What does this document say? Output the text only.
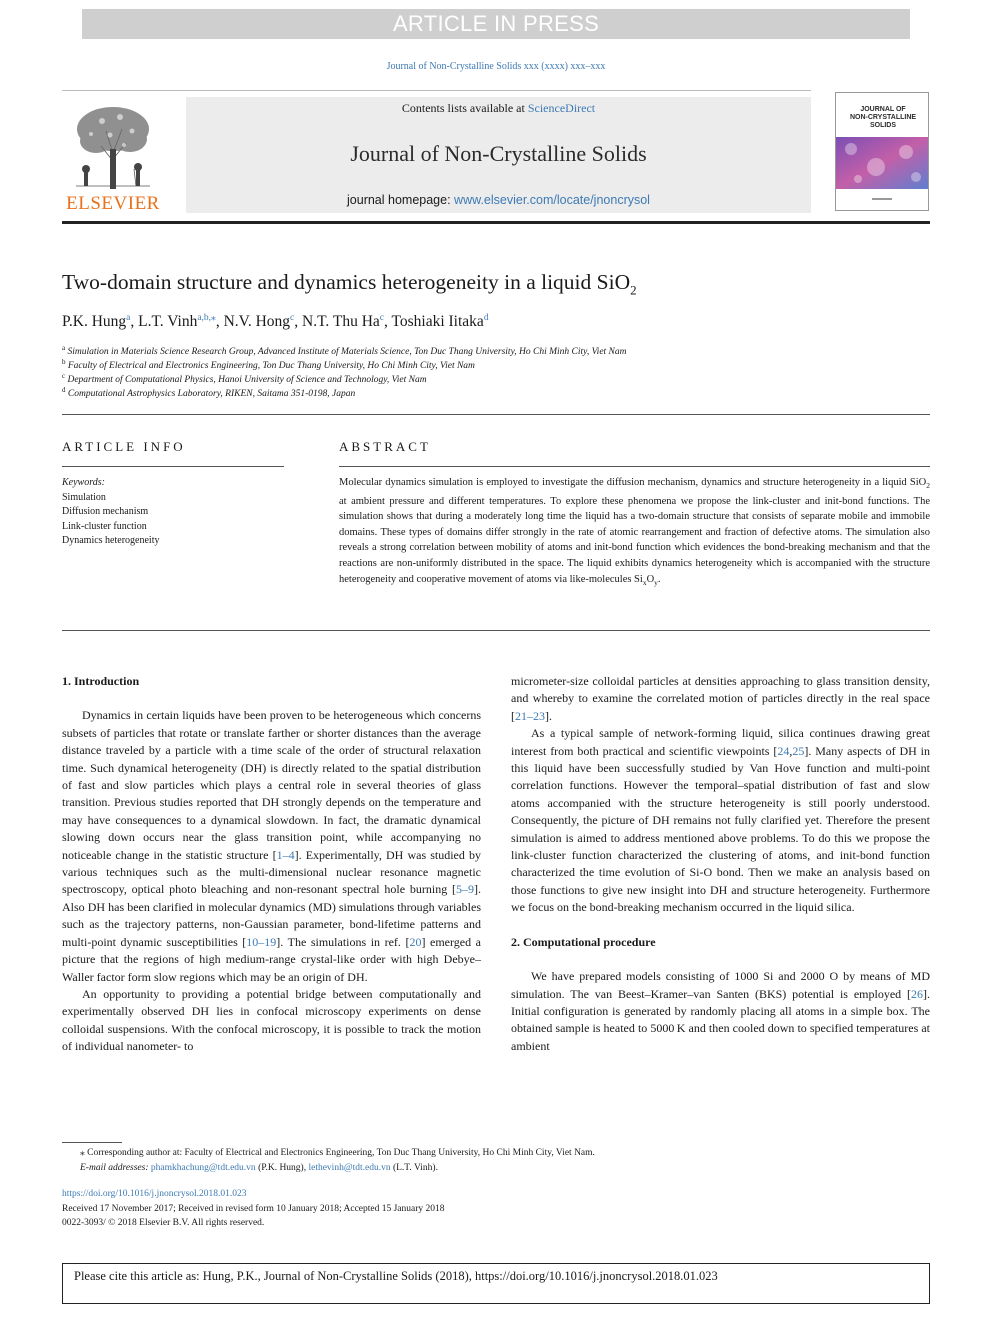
ARTICLE IN PRESS
Journal of Non-Crystalline Solids xxx (xxxx) xxx–xxx
ELSEVIER
Contents lists available at ScienceDirect
Journal of Non-Crystalline Solids
journal homepage: www.elsevier.com/locate/jnoncrysol
JOURNAL OF
NON-CRYSTALLINE SOLIDS
Two-domain structure and dynamics heterogeneity in a liquid SiO$_2$
P.K. Hung$^a$, L.T. Vinh$^{a,b,⁎}$, N.V. Hong$^c$, N.T. Thu Ha$^c$, Toshiaki Iitaka$^d$
$^a$ Simulation in Materials Science Research Group, Advanced Institute of Materials Science, Ton Duc Thang University, Ho Chi Minh City, Viet Nam
$^b$ Faculty of Electrical and Electronics Engineering, Ton Duc Thang University, Ho Chi Minh City, Viet Nam
$^c$ Department of Computational Physics, Hanoi University of Science and Technology, Viet Nam
$^d$ Computational Astrophysics Laboratory, RIKEN, Saitama 351-0198, Japan
ARTICLE INFO	ABSTRACT
Keywords:
Simulation
Diffusion mechanism
Link-cluster function
Dynamics heterogeneity
Molecular dynamics simulation is employed to investigate the diffusion mechanism, dynamics and structure heterogeneity in a liquid SiO$_2$ at ambient pressure and different temperatures. To explore these phenomena we propose the link-cluster and init-bond functions. The simulation shows that during a moderately long time the liquid has a two-domain structure that consists of separate mobile and immobile domains. These types of domains differ strongly in the rate of atomic rearrangement and fraction of defective atoms. The simulation also reveals a strong correlation between mobility of atoms and init-bond function which evidences the bond-breaking mechanism and that the reactions are non-uniformly distributed in the space. The liquid exhibits dynamics heterogeneity which is accompanied with the structure heterogeneity and cooperative movement of atoms via like-molecules $Si_xO_y$.
1. Introduction

Dynamics in certain liquids have been proven to be heterogeneous which concerns subsets of particles that rotate or translate farther or shorter distances than the average distance traveled by a particle with a time scale of the order of structural relaxation time. Such dynamical heterogeneity (DH) is directly related to the spatial distribution of fast and slow particles which plays a central role in several theories of glass transition. Previous studies reported that DH strongly depends on the temperature and may have consequences to a dynamical slowdown. In fact, the dramatic dynamical slowing down occurs near the glass transition point, while accompanying no noticeable change in the statistic structure [1–4]. Experimentally, DH was studied by various techniques such as the multi-dimensional nuclear resonance magnetic spectroscopy, optical photo bleaching and non-resonant spectral hole burning [5–9]. Also DH has been clarified in molecular dynamics (MD) simulations through variables such as the trajectory patterns, non-Gaussian parameter, bond-lifetime patterns and multi-point dynamic susceptibilities [10–19]. The simulations in ref. [20] emerged a picture that the regions of high medium-range crystal-like order with high Debye–Waller factor form slow regions which may be an origin of DH.

An opportunity to providing a potential bridge between computationally and experimentally observed DH lies in confocal microscopy experiments on dense colloidal suspensions. With the confocal microscopy, it is possible to track the motion of individual nanometer- to

micrometer-size colloidal particles at densities approaching to glass transition density, and whereby to examine the correlated motion of particles directly in the real space [21–23].

As a typical sample of network-forming liquid, silica continues drawing great interest from both practical and scientific viewpoints [24,25]. Many aspects of DH in this liquid have been successfully studied by Van Hove function and multi-point correlation functions. However the temporal–spatial distribution of fast and slow atoms accompanied with the structure heterogeneity is still poorly understood. Consequently, the picture of DH remains not fully clarified yet. Therefore the present simulation is aimed to address mentioned above problems. To do this we propose the link-cluster function characterized the clustering of atoms, and init-bond function characterized the time evolution of Si-O bond. Then we make an analysis based on those functions to give new insight into DH and structure heterogeneity. Furthermore we focus on the bond-breaking mechanism occurred in the liquid silica.

2. Computational procedure

We have prepared models consisting of 1000 Si and 2000 O by means of MD simulation. The van Beest–Kramer–van Santen (BKS) potential is employed [26]. Initial configuration is generated by randomly placing all atoms in a simple box. The obtained sample is heated to 5000 K and then cooled down to specified temperatures at ambient

⁎ Corresponding author at: Faculty of Electrical and Electronics Engineering, Ton Duc Thang University, Ho Chi Minh City, Viet Nam.
E-mail addresses: phamkhachung@tdt.edu.vn (P.K. Hung), lethevinh@tdt.edu.vn (L.T. Vinh).
https://doi.org/10.1016/j.jnoncrysol.2018.01.023
Received 17 November 2017; Received in revised form 10 January 2018; Accepted 15 January 2018
0022-3093/ © 2018 Elsevier B.V. All rights reserved.
Please cite this article as: Hung, P.K., Journal of Non-Crystalline Solids (2018), https://doi.org/10.1016/j.jnoncrysol.2018.01.023
